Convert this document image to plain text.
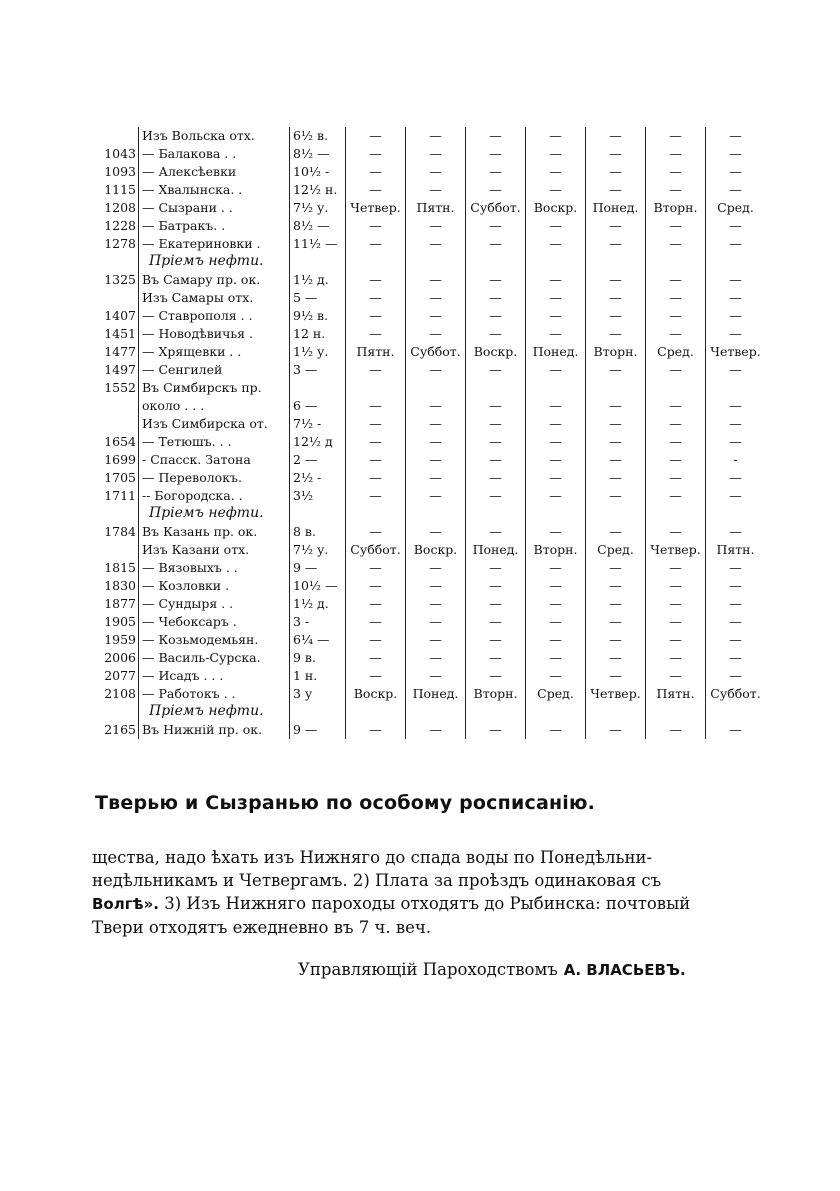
	Изъ Вольска отх.	6½ в.	—	—	—	—	—	—	—
1043	— Балакова . .	8½ —	—	—	—	—	—	—	—
1093	— Алексѣевки	10½ -	—	—	—	—	—	—	—
1115	— Хвалынска. .	12½ н.	—	—	—	—	—	—	—
1208	— Сызрани . .	7½ у.	Четвер.	Пятн.	Суббот.	Воскр.	Понед.	Вторн.	Сред.
1228	— Батракъ. .	8½ —	—	—	—	—	—	—	—
1278	— Екатериновки .	11½ —	—	—	—	—	—	—	—
	Пріемъ нефти.								
1325	Въ Самару пр. ок.	1½ д.	—	—	—	—	—	—	—
	Изъ Самары отх.	5 —	—	—	—	—	—	—	—
1407	— Ставрополя . .	9½ в.	—	—	—	—	—	—	—
1451	— Новодѣвичья .	12 н.	—	—	—	—	—	—	—
1477	— Хрящевки . .	1½ у.	Пятн.	Суббот.	Воскр.	Понед.	Вторн.	Сред.	Четвер.
1497	— Сенгилей	3 —	—	—	—	—	—	—	—
1552	Въ Симбирскъ пр.								
	около . . .	6 —	—	—	—	—	—	—	—
	Изъ Симбирска от.	7½ -	—	—	—	—	—	—	—
1654	— Тетюшъ. . .	12½ д	—	—	—	—	—	—	—
1699	- Спасск. Затона	2 —	—	—	—	—	—	—	-
1705	— Переволокъ.	2½ -	—	—	—	—	—	—	—
1711	-- Богородска. .	3½	—	—	—	—	—	—	—
	Пріемъ нефти.								
1784	Въ Казань пр. ок.	8 в.	—	—	—	—	—	—	—
	Изъ Казани отх.	7½ у.	Суббот.	Воскр.	Понед.	Вторн.	Сред.	Четвер.	Пятн.
1815	— Вязовыхъ . .	9 —	—	—	—	—	—	—	—
1830	— Козловки .	10½ —	—	—	—	—	—	—	—
1877	— Сундыря . .	1½ д.	—	—	—	—	—	—	—
1905	— Чебоксаръ .	3 -	—	—	—	—	—	—	—
1959	— Козьмодемьян.	6¼ —	—	—	—	—	—	—	—
2006	— Василь-Сурска.	9 в.	—	—	—	—	—	—	—
2077	— Исадъ . . .	1 н.	—	—	—	—	—	—	—
2108	— Работокъ . .	3 у	Воскр.	Понед.	Вторн.	Сред.	Четвер.	Пятн.	Суббот.
	Пріемъ нефти.								
2165	Въ Нижній пр. ок.	9 —	—	—	—	—	—	—	—
Тверью и Сызранью по особому росписанію.

щества, надо ѣхать изъ Нижняго до спада воды по Понедѣльни-

недѣльникамъ и Четвергамъ. 2) Плата за проѣздъ одинаковая съ

Волгѣ». 3) Изъ Нижняго пароходы отходятъ до Рыбинска: почтовый

Твери отходятъ ежедневно въ 7 ч. веч.

Управляющій Пароходствомъ А. ВЛАСЬЕВЪ.
